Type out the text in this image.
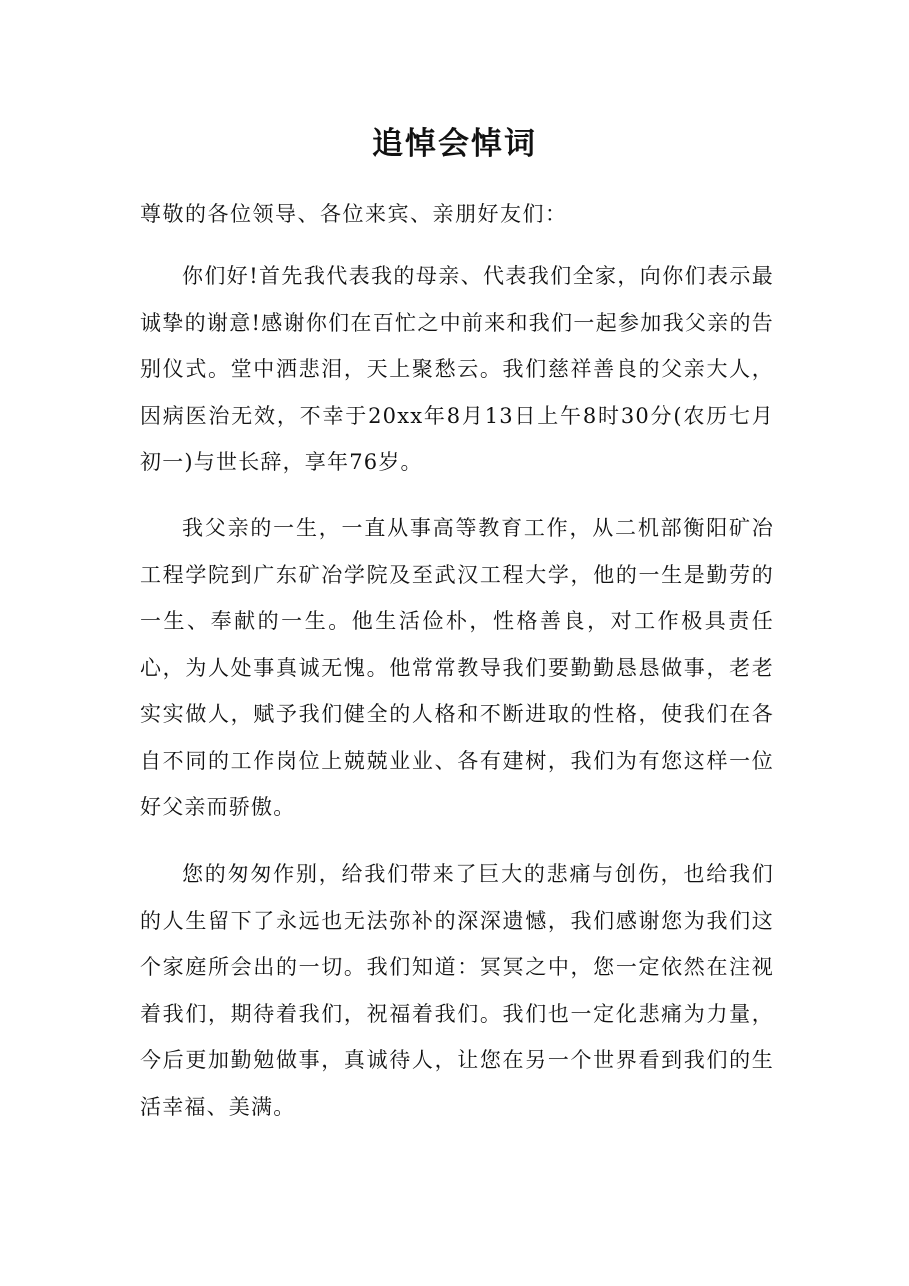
追悼会悼词

尊敬的各位领导、各位来宾、亲朋好友们：

你们好!首先我代表我的母亲、代表我们全家，向你们表示最诚挚的谢意!感谢你们在百忙之中前来和我们一起参加我父亲的告别仪式。堂中洒悲泪，天上聚愁云。我们慈祥善良的父亲大人，因病医治无效，不幸于20xx年8月13日上午8时30分(农历七月初一)与世长辞，享年76岁。

我父亲的一生，一直从事高等教育工作，从二机部衡阳矿冶工程学院到广东矿冶学院及至武汉工程大学，他的一生是勤劳的一生、奉献的一生。他生活俭朴，性格善良，对工作极具责任心，为人处事真诚无愧。他常常教导我们要勤勤恳恳做事，老老实实做人，赋予我们健全的人格和不断进取的性格，使我们在各自不同的工作岗位上兢兢业业、各有建树，我们为有您这样一位好父亲而骄傲。

您的匆匆作别，给我们带来了巨大的悲痛与创伤，也给我们的人生留下了永远也无法弥补的深深遗憾，我们感谢您为我们这个家庭所会出的一切。我们知道：冥冥之中，您一定依然在注视着我们，期待着我们，祝福着我们。我们也一定化悲痛为力量，今后更加勤勉做事，真诚待人，让您在另一个世界看到我们的生活幸福、美满。
